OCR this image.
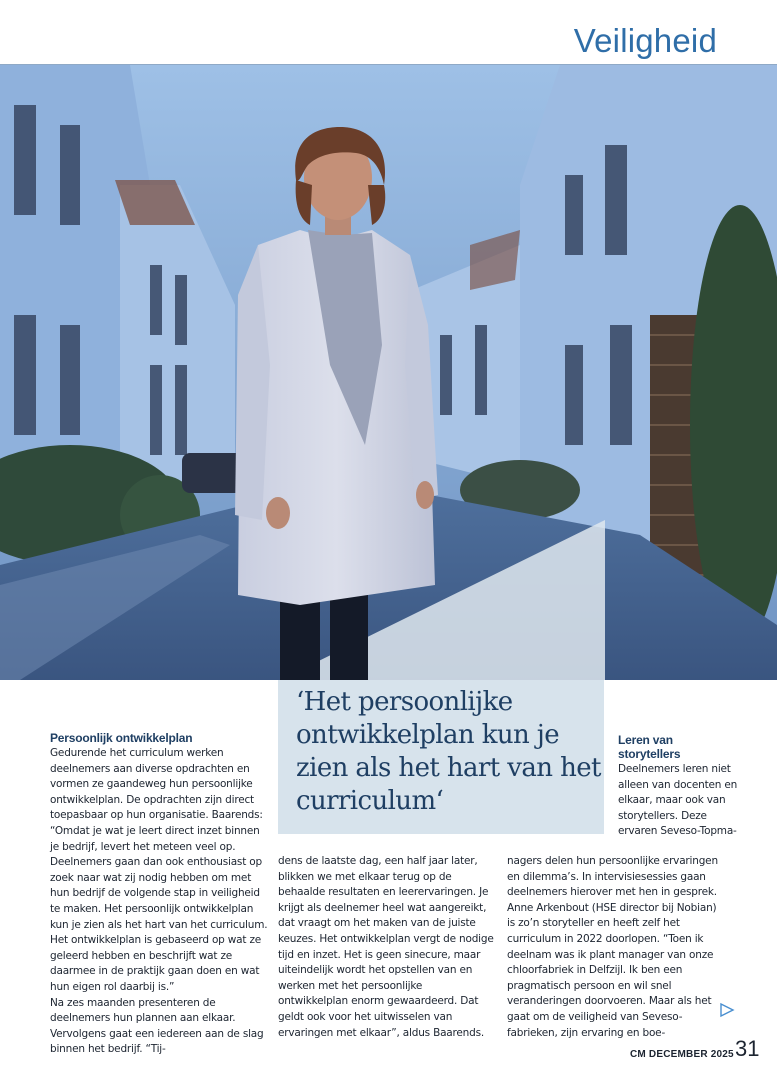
Veiligheid
‘Het persoonlijke ontwikkelplan kun je zien als het hart van het curriculum‘
Persoonlijk ontwikkelplan

Gedurende het curriculum werken deelnemers aan diverse opdrachten en vormen ze gaandeweg hun persoonlijke ontwikkelplan. De opdrachten zijn direct toepasbaar op hun organisatie. Baarends: “Omdat je wat je leert direct inzet binnen je bedrijf, levert het meteen veel op. Deelnemers gaan dan ook enthousiast op zoek naar wat zij nodig hebben om met hun bedrijf de volgende stap in veiligheid te maken. Het persoonlijk ontwikkelplan kun je zien als het hart van het curriculum. Het ontwikkelplan is gebaseerd op wat ze geleerd hebben en beschrijft wat ze daarmee in de praktijk gaan doen en wat hun eigen rol daarbij is.”

Na zes maanden presenteren de deelnemers hun plannen aan elkaar. Vervolgens gaat een iedereen aan de slag binnen het bedrijf. “Tij-

dens de laatste dag, een half jaar later, blikken we met elkaar terug op de behaalde resultaten en leerervaringen. Je krijgt als deelnemer heel wat aangereikt, dat vraagt om het maken van de juiste keuzes. Het ontwikkelplan vergt de nodige tijd en inzet. Het is geen sinecure, maar uiteindelijk wordt het opstellen van en werken met het persoonlijke ontwikkelplan enorm gewaardeerd. Dat geldt ook voor het uitwisselen van ervaringen met elkaar”, aldus Baarends.

Leren van storytellers

Deelnemers leren niet alleen van docenten en elkaar, maar ook van storytellers. Deze ervaren Seveso-Topma-

nagers delen hun persoonlijke ervaringen en dilemma’s. In intervisiesessies gaan deelnemers hierover met hen in gesprek. Anne Arkenbout (HSE director bij Nobian) is zo’n storyteller en heeft zelf het curriculum in 2022 doorlopen. “Toen ik deelnam was ik plant manager van onze chloorfabriek in Delfzijl. Ik ben een pragmatisch persoon en wil snel veranderingen doorvoeren. Maar als het gaat om de veiligheid van Seveso-fabrieken, zijn ervaring en boe-

CM DECEMBER 2025 31
